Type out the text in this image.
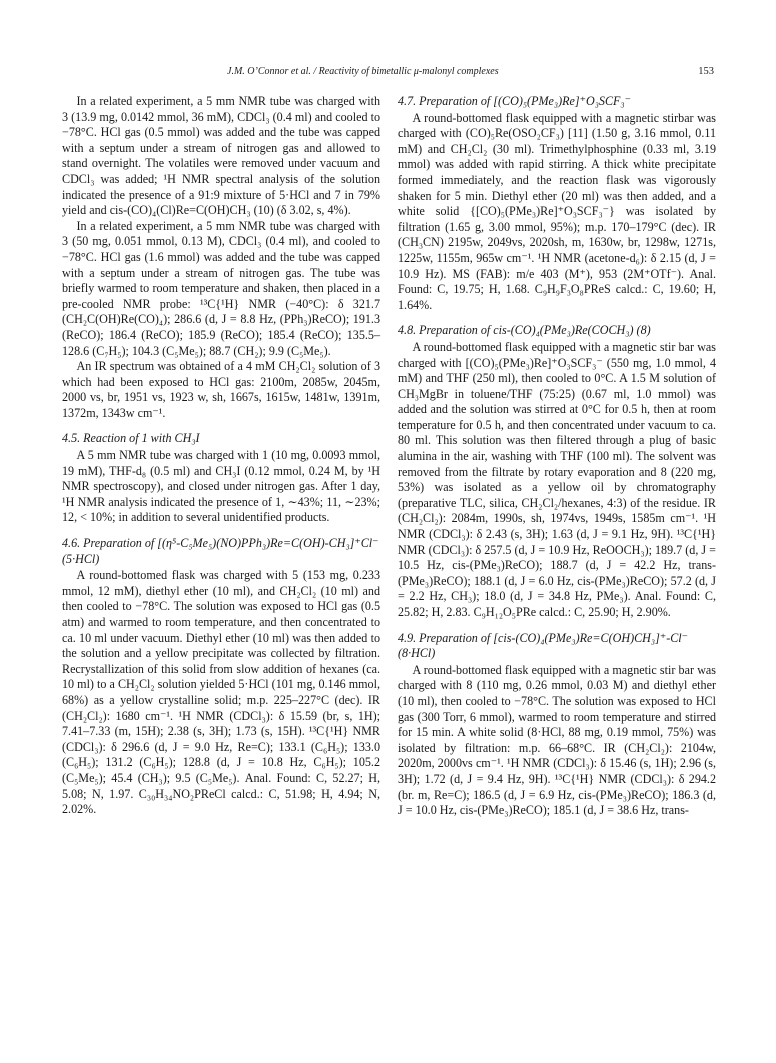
J.M. O’Connor et al. / Reactivity of bimetallic μ-malonyl complexes	153

In a related experiment, a 5 mm NMR tube was charged with 3 (13.9 mg, 0.0142 mmol, 36 mM), CDCl₃ (0.4 ml) and cooled to −78°C. HCl gas (0.5 mmol) was added and the tube was capped with a septum under a stream of nitrogen gas and allowed to stand overnight. The volatiles were removed under vacuum and CDCl₃ was added; ¹H NMR spectral analysis of the solution indicated the presence of a 91:9 mixture of 5·HCl and 7 in 79% yield and cis-(CO)₄(Cl)Re=C(OH)CH₃ (10) (δ 3.02, s, 4%).

In a related experiment, a 5 mm NMR tube was charged with 3 (50 mg, 0.051 mmol, 0.13 M), CDCl₃ (0.4 ml), and cooled to −78°C. HCl gas (1.6 mmol) was added and the tube was capped with a septum under a stream of nitrogen gas. The tube was briefly warmed to room temperature and shaken, then placed in a pre-cooled NMR probe: ¹³C{¹H} NMR (−40°C): δ 321.7 (CH₂C(OH)Re(CO)₄); 286.6 (d, J = 8.8 Hz, (PPh₃)ReCO); 191.3 (ReCO); 186.4 (ReCO); 185.9 (ReCO); 185.4 (ReCO); 135.5–128.6 (C₇H₅); 104.3 (C₅Me₅); 88.7 (CH₂); 9.9 (C₅Me₅).

An IR spectrum was obtained of a 4 mM CH₂Cl₂ solution of 3 which had been exposed to HCl gas: 2100m, 2085w, 2045m, 2000 vs, br, 1951 vs, 1923 w, sh, 1667s, 1615w, 1481w, 1391m, 1372m, 1343w cm⁻¹.

4.5. Reaction of 1 with CH₃I

A 5 mm NMR tube was charged with 1 (10 mg, 0.0093 mmol, 19 mM), THF-d₈ (0.5 ml) and CH₃I (0.12 mmol, 0.24 M, by ¹H NMR spectroscopy), and closed under nitrogen gas. After 1 day, ¹H NMR analysis indicated the presence of 1, ∼43%; 11, ∼23%; 12, < 10%; in addition to several unidentified products.

4.6. Preparation of [(η⁵-C₅Me₅)(NO)PPh₃)Re=C(OH)-CH₃]⁺Cl⁻ (5·HCl)

A round-bottomed flask was charged with 5 (153 mg, 0.233 mmol, 12 mM), diethyl ether (10 ml), and CH₂Cl₂ (10 ml) and then cooled to −78°C. The solution was exposed to HCl gas (0.5 atm) and warmed to room temperature, and then concentrated to ca. 10 ml under vacuum. Diethyl ether (10 ml) was then added to the solution and a yellow precipitate was collected by filtration. Recrystallization of this solid from slow addition of hexanes (ca. 10 ml) to a CH₂Cl₂ solution yielded 5·HCl (101 mg, 0.146 mmol, 68%) as a yellow crystalline solid; m.p. 225–227°C (dec). IR (CH₂Cl₂): 1680 cm⁻¹. ¹H NMR (CDCl₃): δ 15.59 (br, s, 1H); 7.41–7.33 (m, 15H); 2.38 (s, 3H); 1.73 (s, 15H). ¹³C{¹H} NMR (CDCl₃): δ 296.6 (d, J = 9.0 Hz, Re=C); 133.1 (C₆H₅); 133.0 (C₆H₅); 131.2 (C₆H₅); 128.8 (d, J = 10.8 Hz, C₆H₅); 105.2 (C₅Me₅); 45.4 (CH₃); 9.5 (C₅Me₅). Anal. Found: C, 52.27; H, 5.08; N, 1.97. C₃₀H₃₄NO₂PReCl calcd.: C, 51.98; H, 4.94; N, 2.02%.

4.7. Preparation of [(CO)₅(PMe₃)Re]⁺O₃SCF₃⁻

A round-bottomed flask equipped with a magnetic stirbar was charged with (CO)₅Re(OSO₂CF₃) [11] (1.50 g, 3.16 mmol, 0.11 mM) and CH₂Cl₂ (30 ml). Trimethylphosphine (0.33 ml, 3.19 mmol) was added with rapid stirring. A thick white precipitate formed immediately, and the reaction flask was vigorously shaken for 5 min. Diethyl ether (20 ml) was then added, and a white solid {[CO)₅(PMe₃)Re]⁺O₃SCF₃⁻} was isolated by filtration (1.65 g, 3.00 mmol, 95%); m.p. 170–179°C (dec). IR (CH₃CN) 2195w, 2049vs, 2020sh, m, 1630w, br, 1298w, 1271s, 1225w, 1155m, 965w cm⁻¹. ¹H NMR (acetone-d₆): δ 2.15 (d, J = 10.9 Hz). MS (FAB): m/e 403 (M⁺), 953 (2M⁺OTf⁻). Anal. Found: C, 19.75; H, 1.68. C₉H₉F₃O₈PReS calcd.: C, 19.60; H, 1.64%.

4.8. Preparation of cis-(CO)₄(PMe₃)Re(COCH₃) (8)

A round-bottomed flask equipped with a magnetic stir bar was charged with [(CO)₅(PMe₃)Re]⁺O₃SCF₃⁻ (550 mg, 1.0 mmol, 4 mM) and THF (250 ml), then cooled to 0°C. A 1.5 M solution of CH₃MgBr in toluene/THF (75:25) (0.67 ml, 1.0 mmol) was added and the solution was stirred at 0°C for 0.5 h, then at room temperature for 0.5 h, and then concentrated under vacuum to ca. 80 ml. This solution was then filtered through a plug of basic alumina in the air, washing with THF (100 ml). The solvent was removed from the filtrate by rotary evaporation and 8 (220 mg, 53%) was isolated as a yellow oil by chromatography (preparative TLC, silica, CH₂Cl₂/hexanes, 4:3) of the residue. IR (CH₂Cl₂): 2084m, 1990s, sh, 1974vs, 1949s, 1585m cm⁻¹. ¹H NMR (CDCl₃): δ 2.43 (s, 3H); 1.63 (d, J = 9.1 Hz, 9H). ¹³C{¹H} NMR (CDCl₃): δ 257.5 (d, J = 10.9 Hz, ReOOCH₃); 189.7 (d, J = 10.5 Hz, cis-(PMe₃)ReCO); 188.7 (d, J = 42.2 Hz, trans-(PMe₃)ReCO); 188.1 (d, J = 6.0 Hz, cis-(PMe₃)ReCO); 57.2 (d, J = 2.2 Hz, CH₃); 18.0 (d, J = 34.8 Hz, PMe₃). Anal. Found: C, 25.82; H, 2.83. C₉H₁₂O₅PRe calcd.: C, 25.90; H, 2.90%.

4.9. Preparation of [cis-(CO)₄(PMe₃)Re=C(OH)CH₃]⁺-Cl⁻ (8·HCl)

A round-bottomed flask equipped with a magnetic stir bar was charged with 8 (110 mg, 0.26 mmol, 0.03 M) and diethyl ether (10 ml), then cooled to −78°C. The solution was exposed to HCl gas (300 Torr, 6 mmol), warmed to room temperature and stirred for 15 min. A white solid (8·HCl, 88 mg, 0.19 mmol, 75%) was isolated by filtration: m.p. 66–68°C. IR (CH₂Cl₂): 2104w, 2020m, 2000vs cm⁻¹. ¹H NMR (CDCl₃): δ 15.46 (s, 1H); 2.96 (s, 3H); 1.72 (d, J = 9.4 Hz, 9H). ¹³C{¹H} NMR (CDCl₃): δ 294.2 (br. m, Re=C); 186.5 (d, J = 6.9 Hz, cis-(PMe₃)ReCO); 186.3 (d, J = 10.0 Hz, cis-(PMe₃)ReCO); 185.1 (d, J = 38.6 Hz, trans-
